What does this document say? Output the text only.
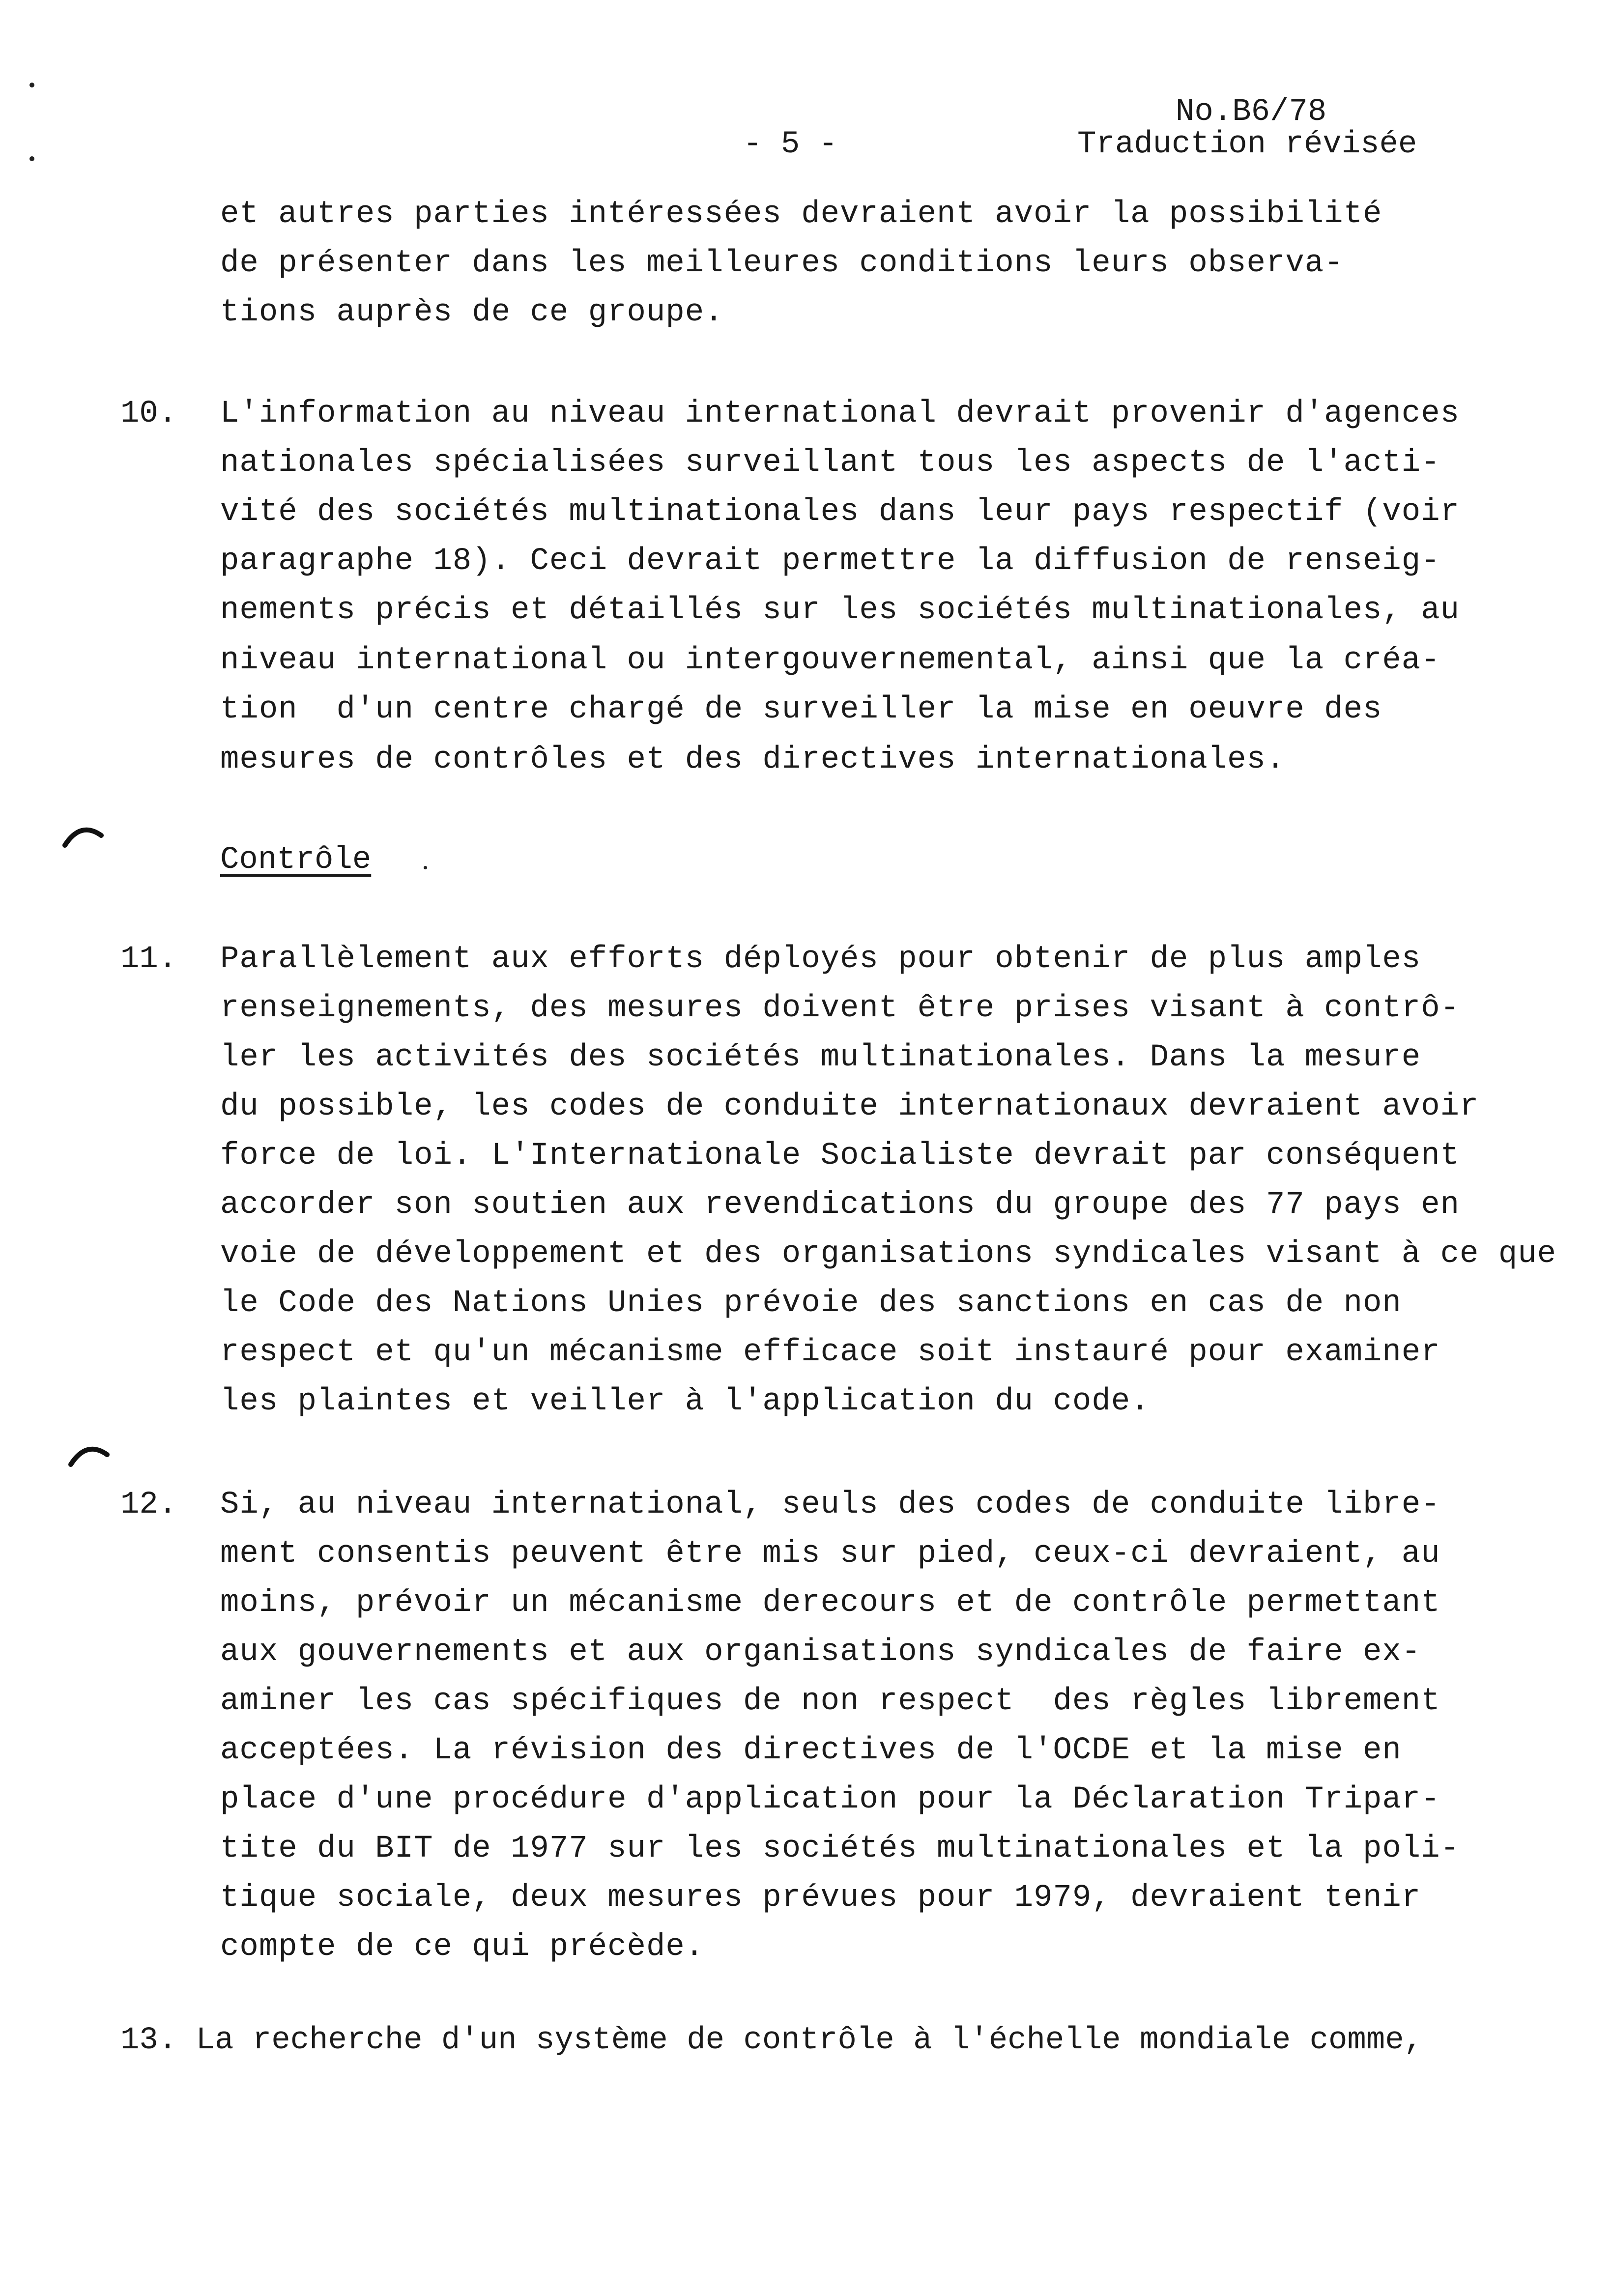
- 5 -
No.B6/78
Traduction révisée
et autres parties intéressées devraient avoir la possibilité
de présenter dans les meilleures conditions leurs observa-
tions auprès de ce groupe.
10. L'information au niveau international devrait provenir d'agences
nationales spécialisées surveillant tous les aspects de l'acti-
vité des sociétés multinationales dans leur pays respectif (voir
paragraphe 18). Ceci devrait permettre la diffusion de renseig-
nements précis et détaillés sur les sociétés multinationales, au
niveau international ou intergouvernemental, ainsi que la créa-
tion  d'un centre chargé de surveiller la mise en oeuvre des
mesures de contrôles et des directives internationales.
Contrôle
11. Parallèlement aux efforts déployés pour obtenir de plus amples
renseignements, des mesures doivent être prises visant à contrô-
ler les activités des sociétés multinationales. Dans la mesure
du possible, les codes de conduite internationaux devraient avoir
force de loi. L'Internationale Socialiste devrait par conséquent
accorder son soutien aux revendications du groupe des 77 pays en
voie de développement et des organisations syndicales visant à ce que
le Code des Nations Unies prévoie des sanctions en cas de non
respect et qu'un mécanisme efficace soit instauré pour examiner
les plaintes et veiller à l'application du code.
12. Si, au niveau international, seuls des codes de conduite libre-
ment consentis peuvent être mis sur pied, ceux-ci devraient, au
moins, prévoir un mécanisme derecours et de contrôle permettant
aux gouvernements et aux organisations syndicales de faire ex-
aminer les cas spécifiques de non respect  des règles librement
acceptées. La révision des directives de l'OCDE et la mise en
place d'une procédure d'application pour la Déclaration Tripar-
tite du BIT de 1977 sur les sociétés multinationales et la poli-
tique sociale, deux mesures prévues pour 1979, devraient tenir
compte de ce qui précède.
13. La recherche d'un système de contrôle à l'échelle mondiale comme,
